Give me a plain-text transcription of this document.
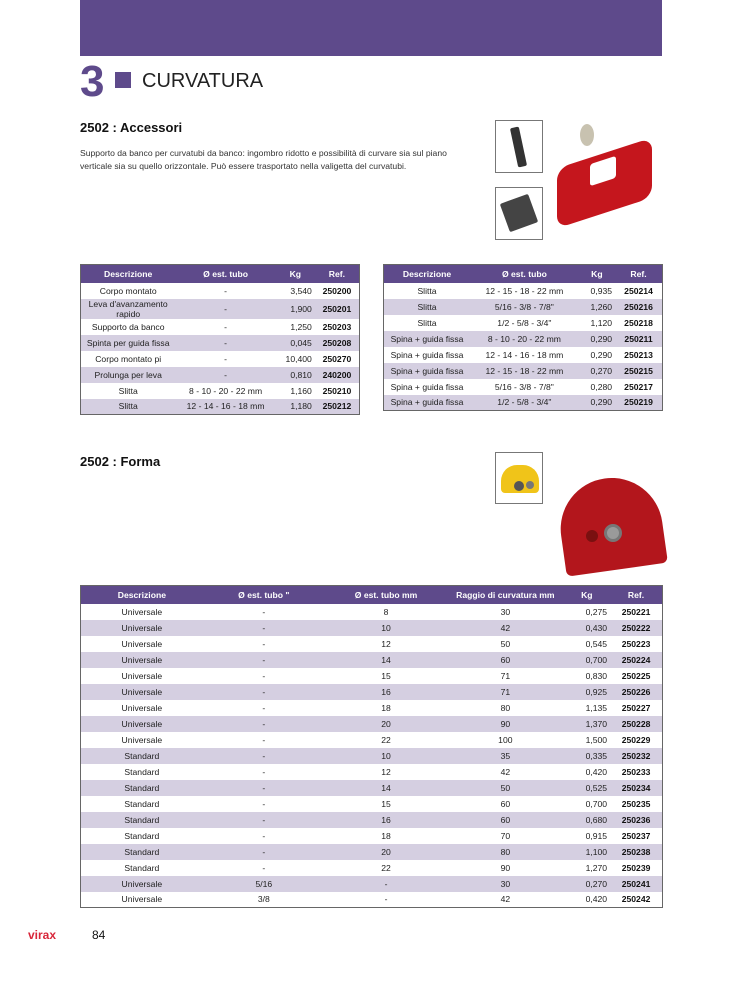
3 CURVATURA
2502 : Accessori
Supporto da banco per curvatubi da banco: ingombro ridotto e possibilità di curvare sia sul piano verticale sia su quello orizzontale. Può essere trasportato nella valigetta del curvatubi.
Descrizione	Ø est. tubo	Kg	Ref.
Corpo montato	-	3,540	250200
Leva d'avanzamento rapido	-	1,900	250201
Supporto da banco	-	1,250	250203
Spinta per guida fissa	-	0,045	250208
Corpo montato pi	-	10,400	250270
Prolunga per leva	-	0,810	240200
Slitta	8 - 10 - 20 - 22 mm	1,160	250210
Slitta	12 - 14 - 16 - 18 mm	1,180	250212
Descrizione	Ø est. tubo	Kg	Ref.
Slitta	12 - 15 - 18 - 22 mm	0,935	250214
Slitta	5/16 - 3/8 - 7/8"	1,260	250216
Slitta	1/2 - 5/8 - 3/4"	1,120	250218
Spina + guida fissa	8 - 10 - 20 - 22 mm	0,290	250211
Spina + guida fissa	12 - 14 - 16 - 18 mm	0,290	250213
Spina + guida fissa	12 - 15 - 18 - 22 mm	0,270	250215
Spina + guida fissa	5/16 - 3/8 - 7/8"	0,280	250217
Spina + guida fissa	1/2 - 5/8 - 3/4"	0,290	250219
2502 : Forma
Descrizione	Ø est. tubo "	Ø est. tubo mm	Raggio di curvatura mm	Kg	Ref.
Universale	-	8	30	0,275	250221
Universale	-	10	42	0,430	250222
Universale	-	12	50	0,545	250223
Universale	-	14	60	0,700	250224
Universale	-	15	71	0,830	250225
Universale	-	16	71	0,925	250226
Universale	-	18	80	1,135	250227
Universale	-	20	90	1,370	250228
Universale	-	22	100	1,500	250229
Standard	-	10	35	0,335	250232
Standard	-	12	42	0,420	250233
Standard	-	14	50	0,525	250234
Standard	-	15	60	0,700	250235
Standard	-	16	60	0,680	250236
Standard	-	18	70	0,915	250237
Standard	-	20	80	1,100	250238
Standard	-	22	90	1,270	250239
Universale	5/16	-	30	0,270	250241
Universale	3/8	-	42	0,420	250242
virax	84
